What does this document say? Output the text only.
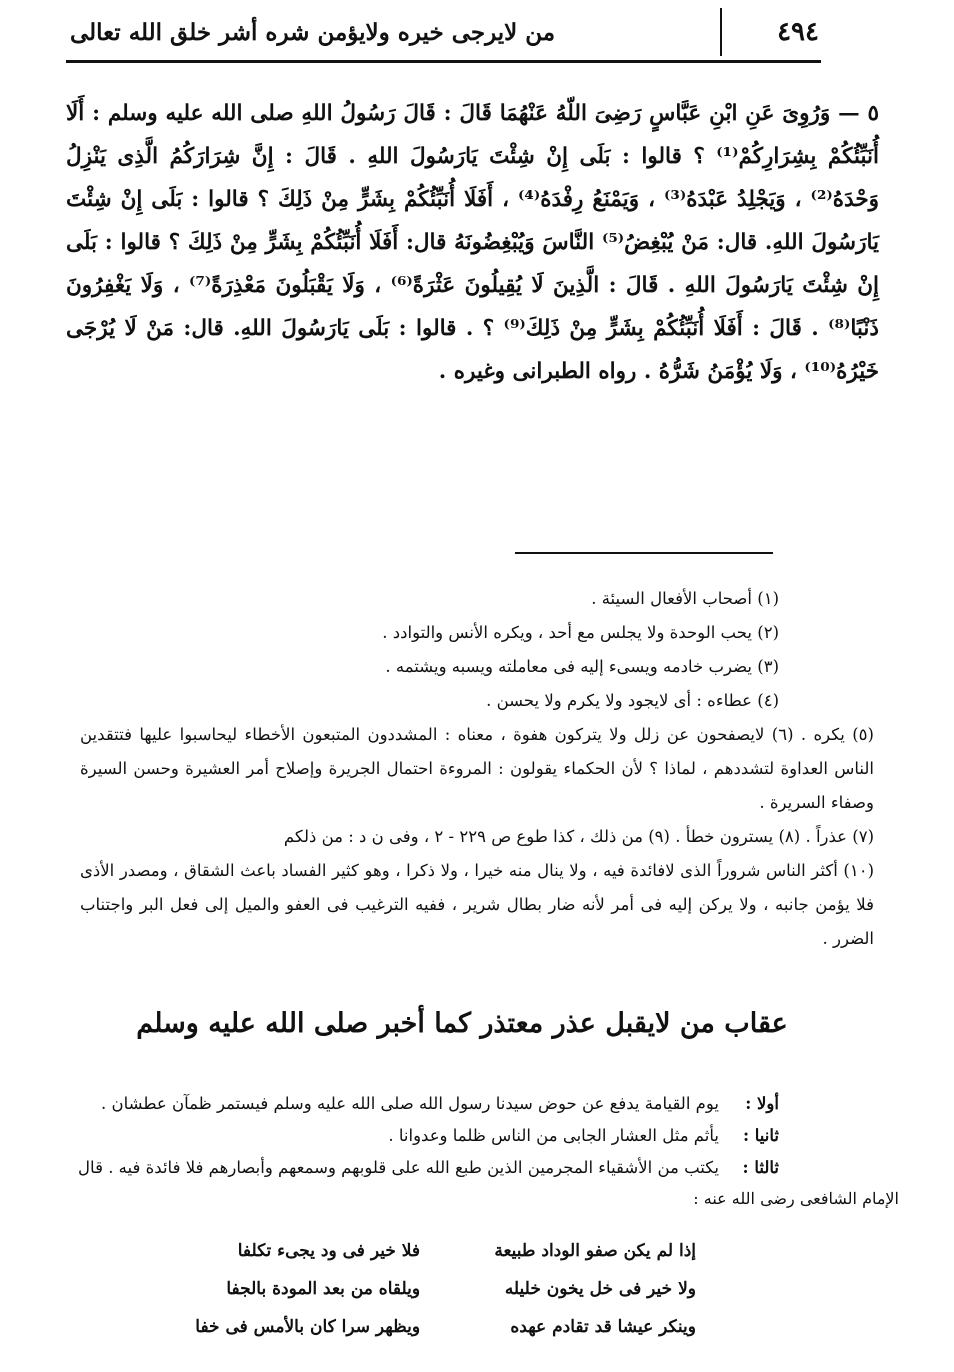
٤٩٤
من لايرجى خيره ولايؤمن شره أشر خلق الله تعالى

٥ — وَرُوِىَ عَنِ ابْنِ عَبَّاسٍ رَضِىَ اللّهُ عَنْهُمَا قَالَ : قَالَ رَسُولُ اللهِ صلى الله عليه وسلم : أَلَا أُنَبِّئُكُمْ بِشِرَارِكُمْ⁽¹⁾ ؟ قالوا : بَلَى إِنْ شِئْتَ يَارَسُولَ اللهِ . قَالَ : إِنَّ شِرَارَكُمُ الَّذِى يَنْزِلُ وَحْدَهُ⁽²⁾ ، وَيَجْلِدُ عَبْدَهُ⁽³⁾ ، وَيَمْنَعُ رِفْدَهُ⁽⁴⁾ ، أَفَلَا أُنَبِّئُكُمْ بِشَرٍّ مِنْ ذَلِكَ ؟ قالوا : بَلَى إِنْ شِئْتَ يَارَسُولَ اللهِ. قال: مَنْ يُبْغِضُ⁽⁵⁾ النَّاسَ وَيُبْغِضُونَهُ قال: أَفَلَا أُنَبِّئُكُمْ بِشَرٍّ مِنْ ذَلِكَ ؟ قالوا : بَلَى إِنْ شِئْتَ يَارَسُولَ اللهِ . قَالَ : الَّذِينَ لَا يُقِيلُونَ عَثْرَةً⁽⁶⁾ ، وَلَا يَقْبَلُونَ مَعْذِرَةً⁽⁷⁾ ، وَلَا يَغْفِرُونَ ذَنْبًا⁽⁸⁾ . قَالَ : أَفَلَا أُنَبِّئُكُمْ بِشَرٍّ مِنْ ذَلِكَ⁽⁹⁾ ؟ . قالوا : بَلَى يَارَسُولَ اللهِ. قال: مَنْ لَا يُرْجَى خَيْرُهُ⁽¹⁰⁾ ، وَلَا يُؤْمَنُ شَرُّهُ . رواه الطبرانى وغيره .

(١) أصحاب الأفعال السيئة .

(٢) يحب الوحدة ولا يجلس مع أحد ، ويكره الأنس والتوادد .

(٣) يضرب خادمه ويسىء إليه فى معاملته ويسبه ويشتمه .

(٤) عطاءه : أى لايجود ولا يكرم ولا يحسن .

(٥) يكره . (٦) لايصفحون عن زلل ولا يتركون هفوة ، معناه : المشددون المتبعون الأخطاء ليحاسبوا عليها فتتقدين الناس العداوة لتشددهم ، لماذا ؟ لأن الحكماء يقولون : المروءة احتمال الجريرة وإصلاح أمر العشيرة وحسن السيرة وصفاء السريرة .

(٧) عذراً . (٨) يسترون خطأ . (٩) من ذلك ، كذا طوع ص ٢٢٩ - ٢ ، وفى ن د : من ذلكم

(١٠) أكثر الناس شروراً الذى لافائدة فيه ، ولا ينال منه خيرا ، ولا ذكرا ، وهو كثير الفساد باعث الشقاق ، ومصدر الأذى فلا يؤمن جانبه ، ولا يركن إليه فى أمر لأنه ضار بطال شرير ، ففيه الترغيب فى العفو والميل إلى فعل البر واجتناب الضرر .

عقاب من لايقبل عذر معتذر كما أخبر صلى الله عليه وسلم
أولا :
يوم القيامة يدفع عن حوض سيدنا رسول الله صلى الله عليه وسلم فيستمر ظمآن عطشان .
ثانيا :
يأثم مثل العشار الجابى من الناس ظلما وعدوانا .
ثالثا :
يكتب من الأشقياء المجرمين الذين طبع الله على قلوبهم وسمعهم وأبصارهم فلا فائدة فيه . قال

الإمام الشافعى رضى الله عنه :

إذا لم يكن صفو الوداد طبيعة
فلا خير فى ود يجىء تكلفا
ولا خير فى خل يخون خليله
ويلقاه من بعد المودة بالجفا
وينكر عيشا قد تقادم عهده
ويظهر سرا كان بالأمس فى خفا
